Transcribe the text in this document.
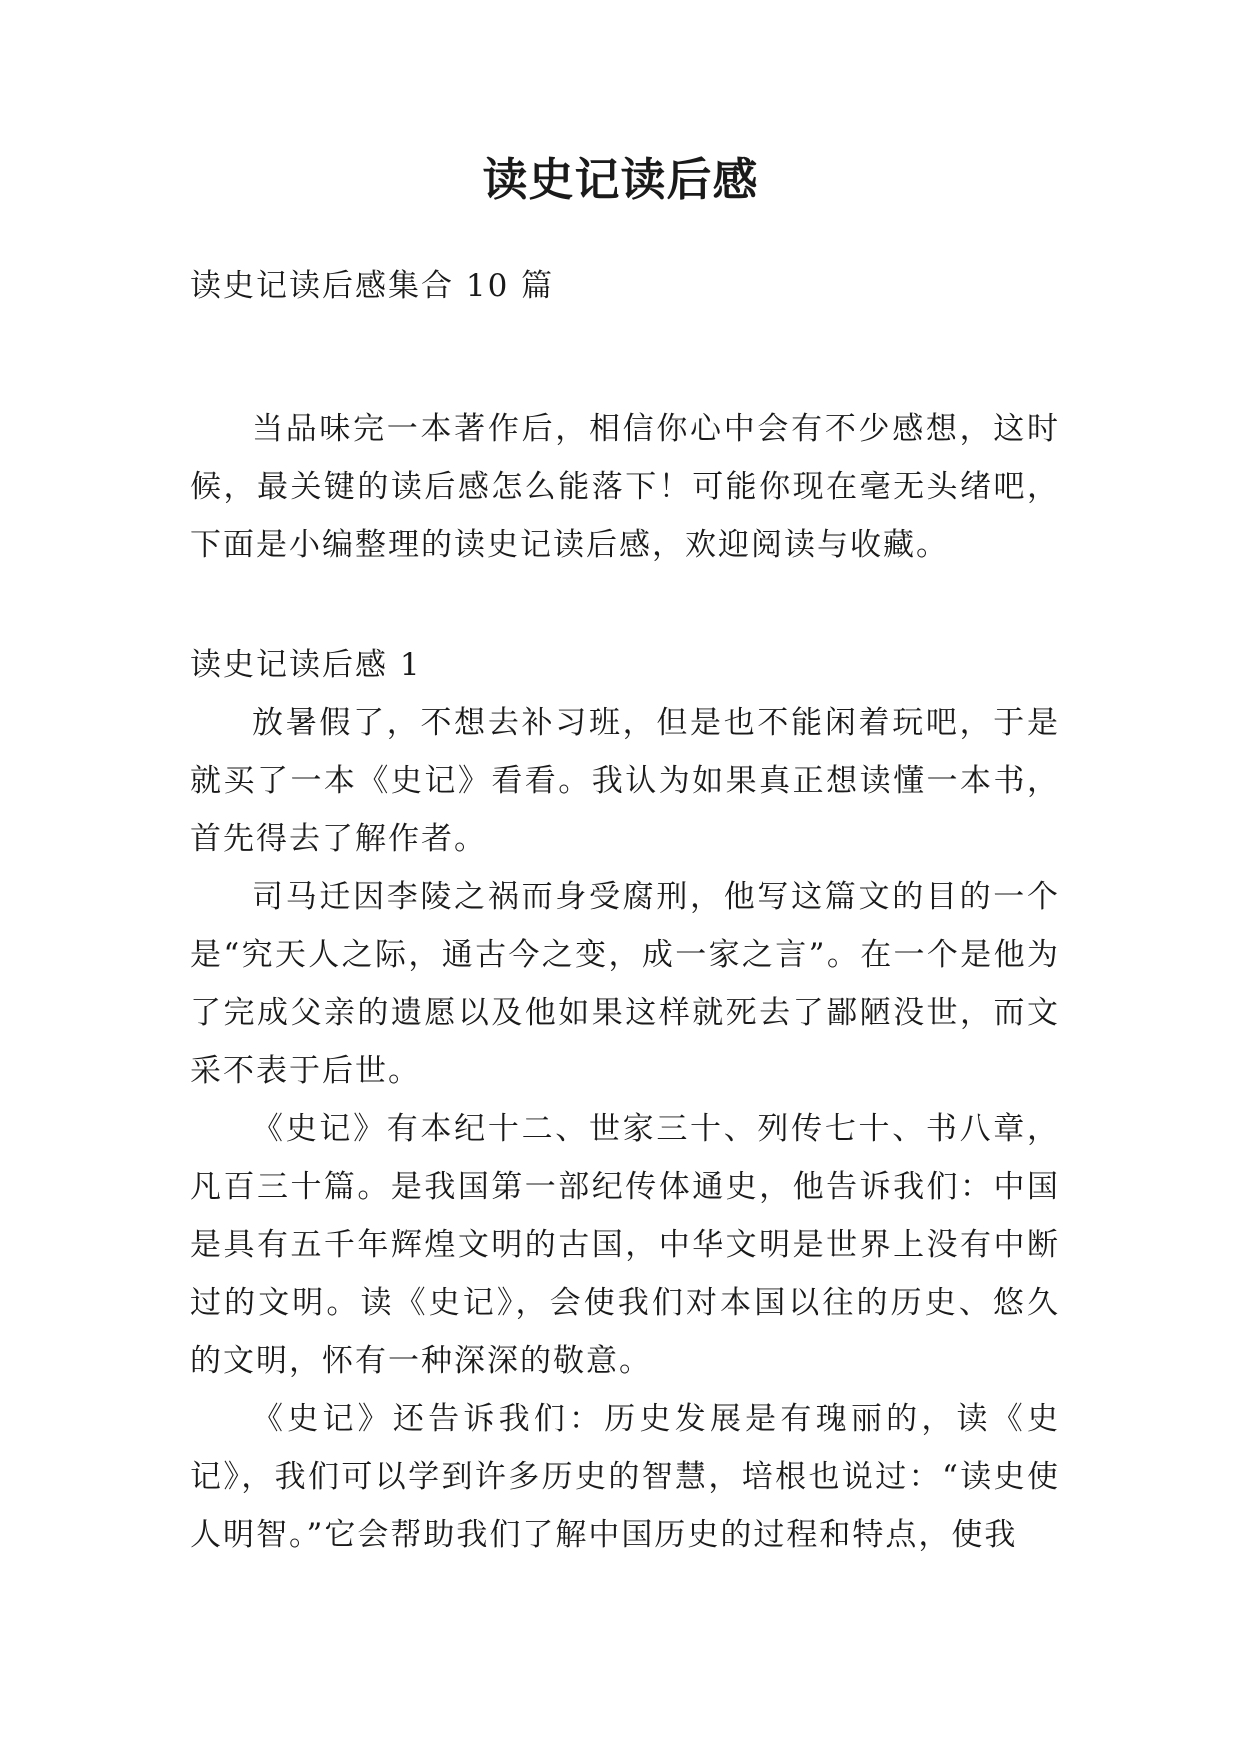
读史记读后感
读史记读后感集合 10 篇

当品味完一本著作后，相信你心中会有不少感想，这时候，最关键的读后感怎么能落下！可能你现在毫无头绪吧，下面是小编整理的读史记读后感，欢迎阅读与收藏。

读史记读后感 1

放暑假了，不想去补习班，但是也不能闲着玩吧，于是就买了一本《史记》看看。我认为如果真正想读懂一本书，首先得去了解作者。

司马迁因李陵之祸而身受腐刑，他写这篇文的目的一个是“究天人之际，通古今之变，成一家之言”。在一个是他为了完成父亲的遗愿以及他如果这样就死去了鄙陋没世，而文采不表于后世。

《史记》有本纪十二、世家三十、列传七十、书八章，凡百三十篇。是我国第一部纪传体通史，他告诉我们：中国是具有五千年辉煌文明的古国，中华文明是世界上没有中断过的文明。读《史记》，会使我们对本国以往的历史、悠久的文明，怀有一种深深的敬意。

《史记》还告诉我们：历史发展是有瑰丽的，读《史记》，我们可以学到许多历史的智慧，培根也说过：“读史使人明智。”它会帮助我们了解中国历史的过程和特点，使我
